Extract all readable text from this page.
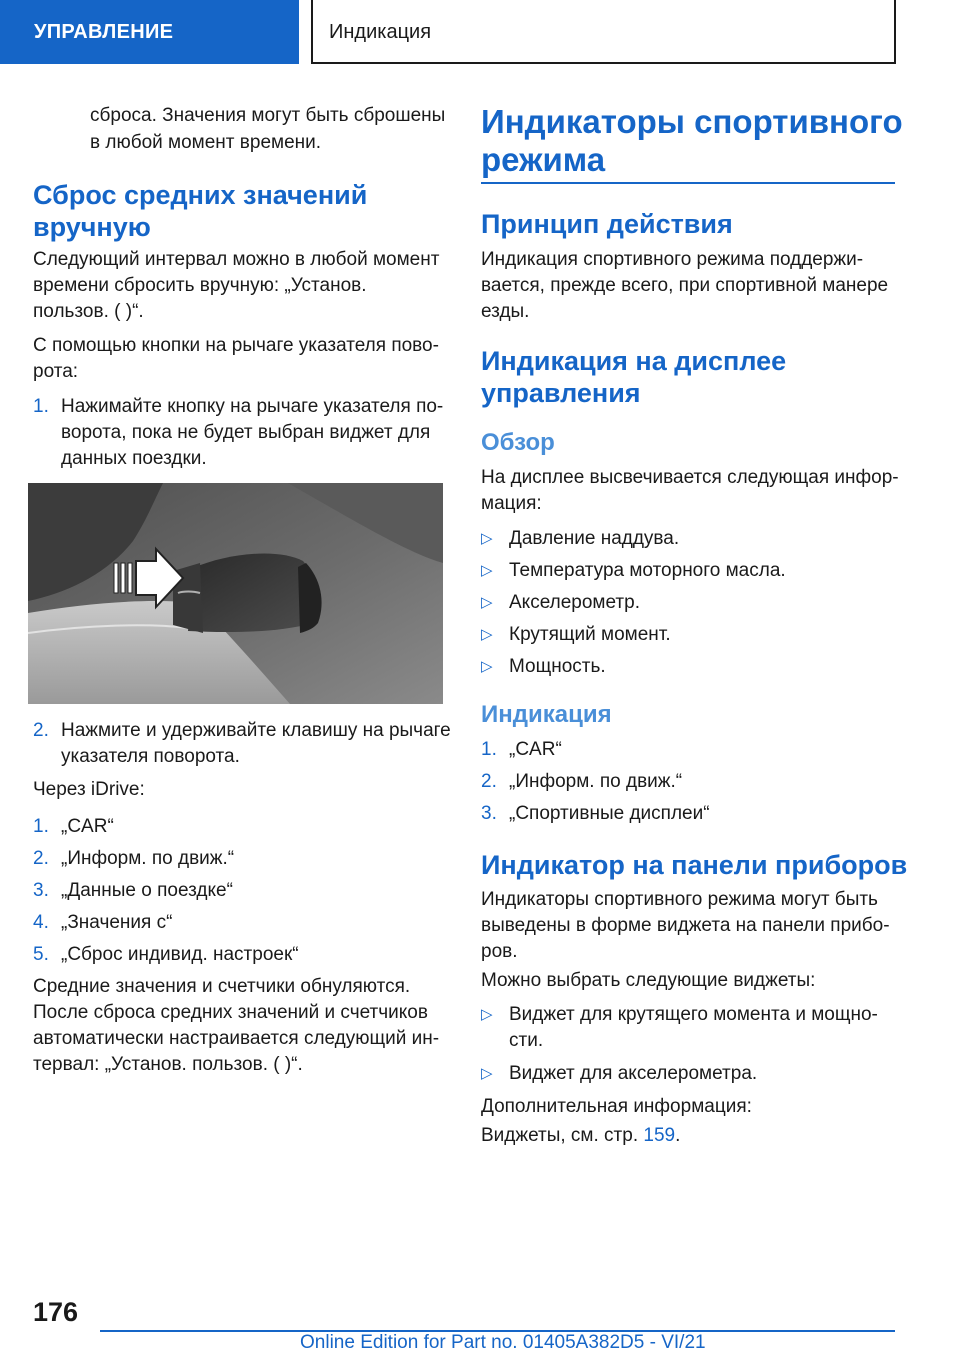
УПРАВЛЕНИЕ	Индикация

сброса. Значения могут быть сброшены

в любой момент времени.

Сброс средних значений
вручную

Следующий интервал можно в любой момент

времени сбросить вручную: „Установ.

пользов. ( )“.

С помощью кнопки на рычаге указателя пово-

рота:

1. Нажимайте кнопку на рычаге указателя по-

ворота, пока не будет выбран виджет для

данных поездки.

2. Нажмите и удерживайте клавишу на рычаге

указателя поворота.

Через iDrive:

1. „CAR“

2. „Информ. по движ.“

3. „Данные о поездке“

4. „Значения с“

5. „Сброс индивид. настроек“

Средние значения и счетчики обнуляются.

После сброса средних значений и счетчиков

автоматически настраивается следующий ин-

тервал: „Установ. пользов. ( )“.

Индикаторы спортивного
режима
Принцип действия

Индикация спортивного режима поддержи-

вается, прежде всего, при спортивной манере

езды.

Индикация на дисплее
управления
Обзор

На дисплее высвечивается следующая инфор-

мация:

▷ Давление наддува.

▷ Температура моторного масла.

▷ Акселерометр.

▷ Крутящий момент.

▷ Мощность.

Индикация
1. „CAR“

2. „Информ. по движ.“

3. „Спортивные дисплеи“

Индикатор на панели приборов

Индикаторы спортивного режима могут быть

выведены в форме виджета на панели прибо-

ров.

Можно выбрать следующие виджеты:

▷ Виджет для крутящего момента и мощно-

сти.

▷ Виджет для акселерометра.

Дополнительная информация:

Виджеты, см. стр. 159.

176
Online Edition for Part no. 01405A382D5 - VI/21
